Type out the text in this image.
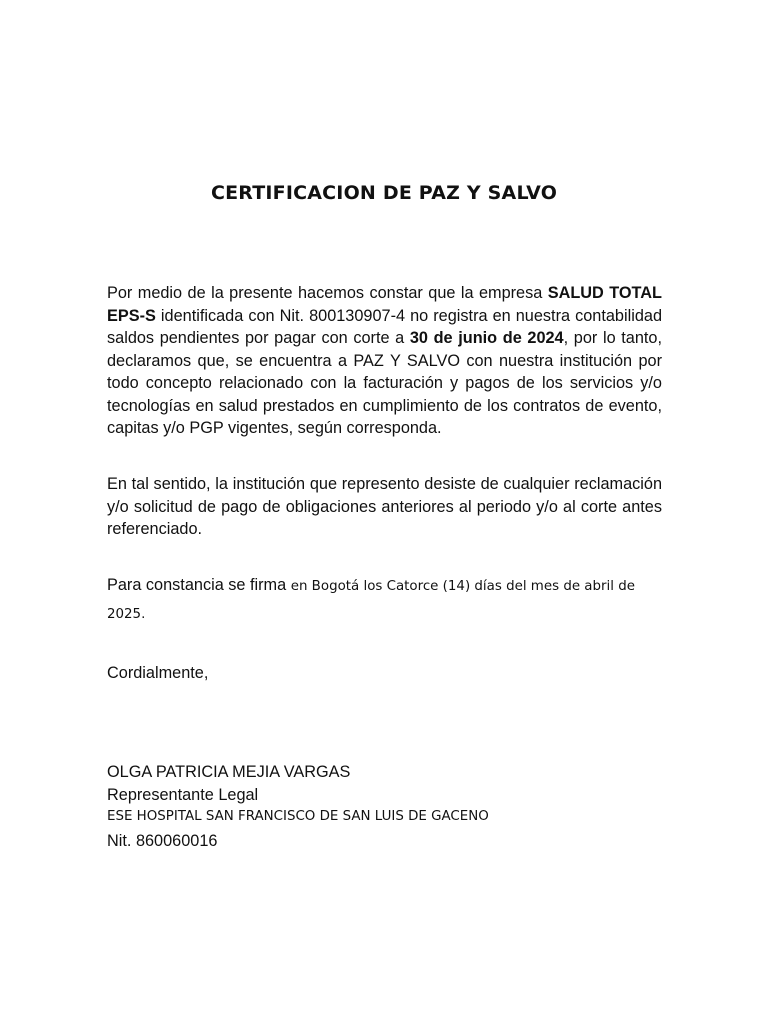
CERTIFICACION DE PAZ Y SALVO

Por medio de la presente hacemos constar que la empresa SALUD TOTAL EPS-S identificada con Nit. 800130907-4 no registra en nuestra contabilidad saldos pendientes por pagar con corte a 30 de junio de 2024, por lo tanto, declaramos que, se encuentra a PAZ Y SALVO con nuestra institución por todo concepto relacionado con la facturación y pagos de los servicios y/o tecnologías en salud prestados en cumplimiento de los contratos de evento, capitas y/o PGP vigentes, según corresponda.

En tal sentido, la institución que represento desiste de cualquier reclamación y/o solicitud de pago de obligaciones anteriores al periodo y/o al corte antes referenciado.

Para constancia se firma en Bogotá los Catorce (14) días del mes de abril de 2025.

Cordialmente,
OLGA PATRICIA MEJIA VARGAS
Representante Legal
ESE HOSPITAL SAN FRANCISCO DE SAN LUIS DE GACENO
Nit. 860060016
